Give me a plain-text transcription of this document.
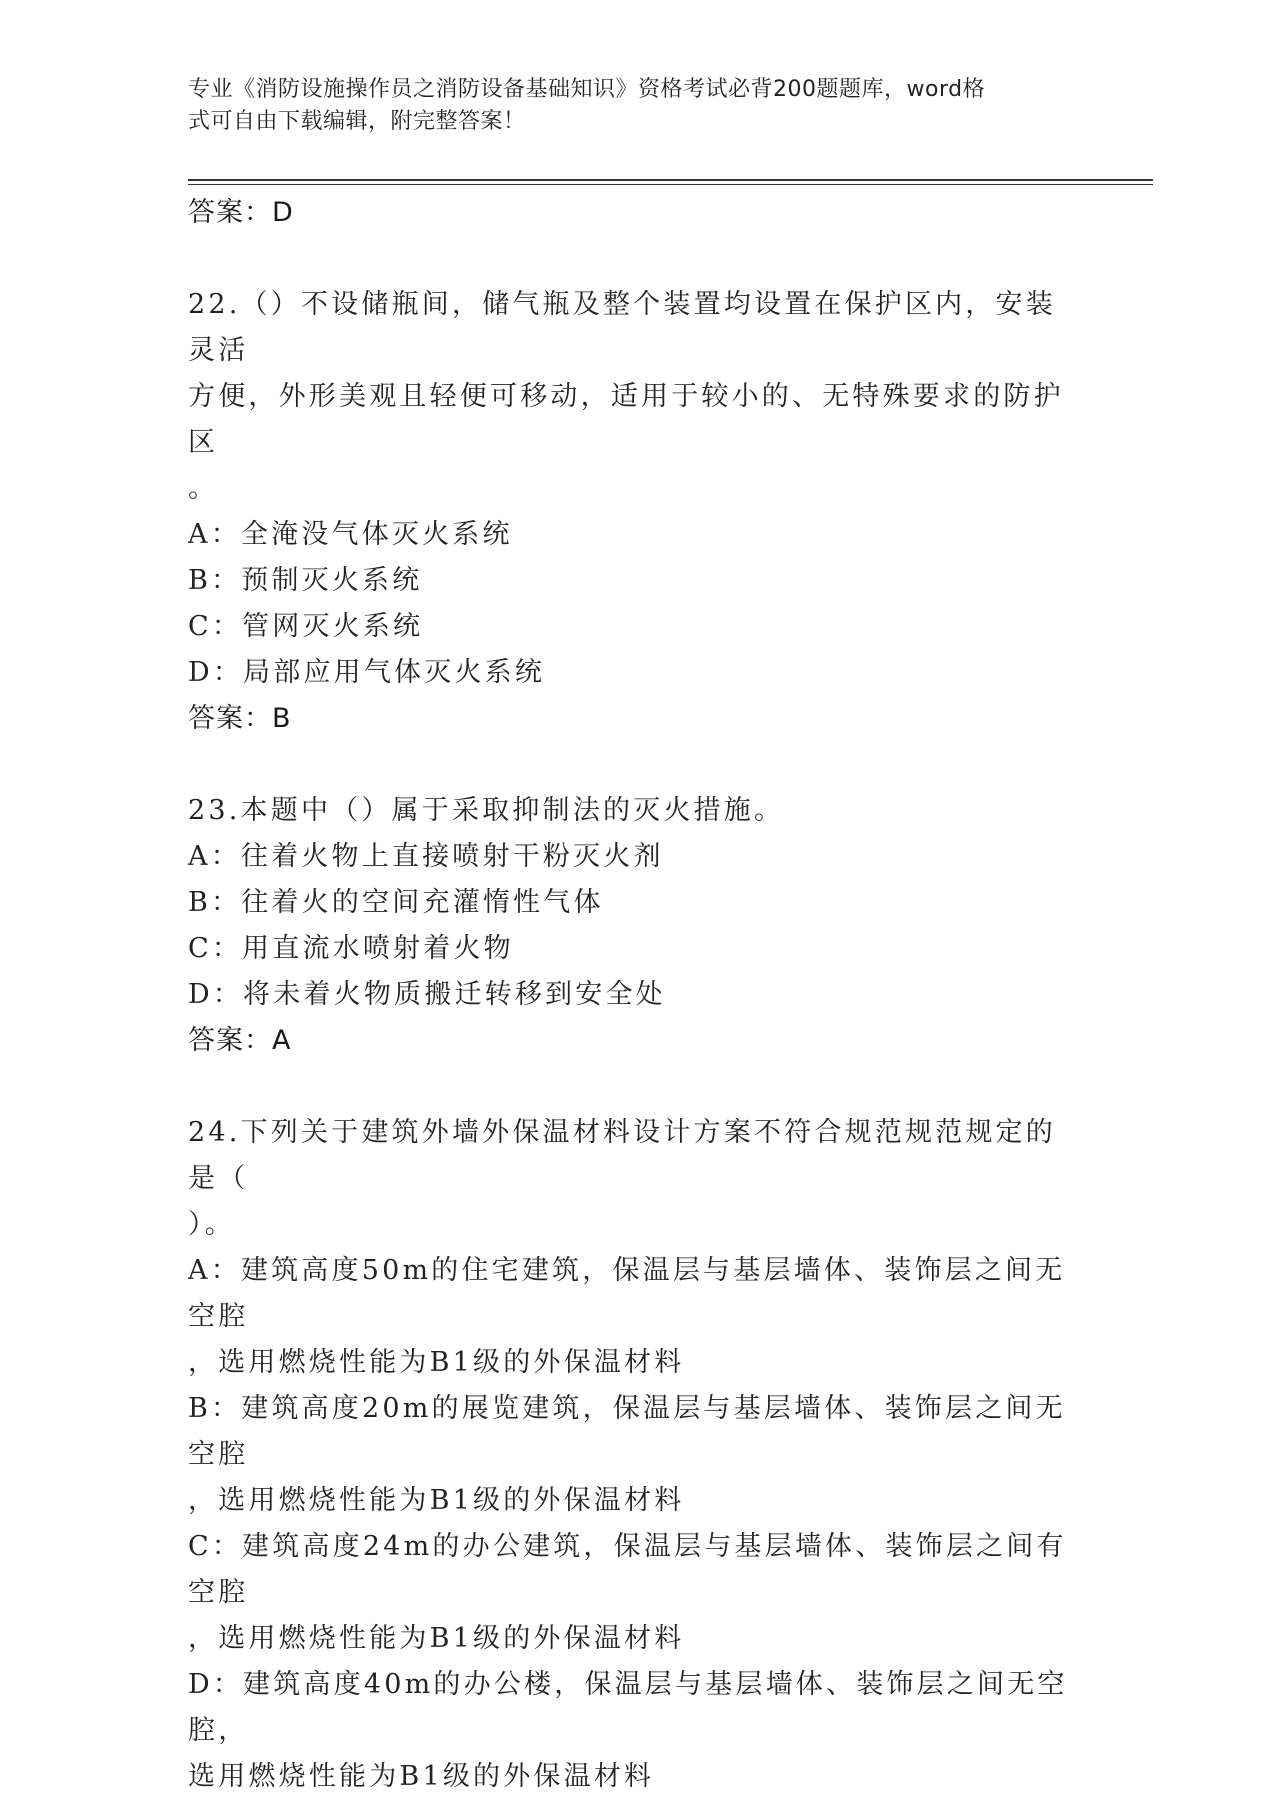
专业《消防设施操作员之消防设备基础知识》资格考试必背200题题库，word格
式可自由下载编辑，附完整答案！
答案：D
22.（）不设储瓶间，储气瓶及整个装置均设置在保护区内，安装灵活
方便，外形美观且轻便可移动，适用于较小的、无特殊要求的防护区
。
A：全淹没气体灭火系统
B：预制灭火系统
C：管网灭火系统
D：局部应用气体灭火系统
答案：B
23.本题中（）属于采取抑制法的灭火措施。
A：往着火物上直接喷射干粉灭火剂
B：往着火的空间充灌惰性气体
C：用直流水喷射着火物
D：将未着火物质搬迁转移到安全处
答案：A
24.下列关于建筑外墙外保温材料设计方案不符合规范规范规定的是（
）。
A：建筑高度50m的住宅建筑，保温层与基层墙体、装饰层之间无空腔
，选用燃烧性能为B1级的外保温材料
B：建筑高度20m的展览建筑，保温层与基层墙体、装饰层之间无空腔
，选用燃烧性能为B1级的外保温材料
C：建筑高度24m的办公建筑，保温层与基层墙体、装饰层之间有空腔
，选用燃烧性能为B1级的外保温材料
D：建筑高度40m的办公楼，保温层与基层墙体、装饰层之间无空腔，
选用燃烧性能为B1级的外保温材料
